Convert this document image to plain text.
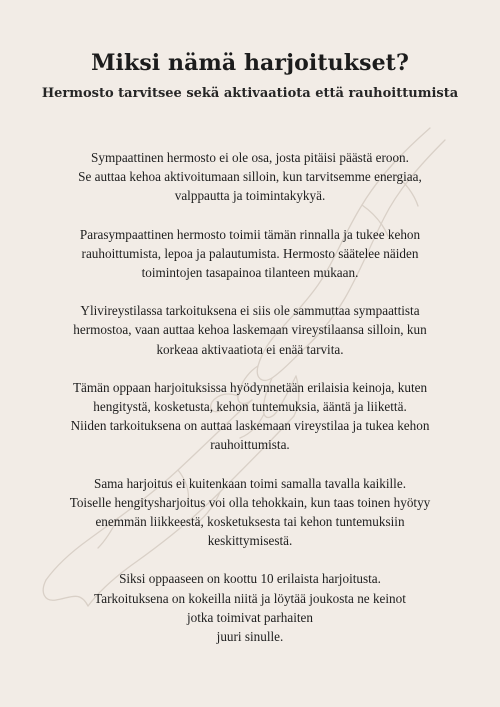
Miksi nämä harjoitukset?
Hermosto tarvitsee sekä aktivaatiota että rauhoittumista

Sympaattinen hermosto ei ole osa, josta pitäisi päästä eroon.
Se auttaa kehoa aktivoitumaan silloin, kun tarvitsemme energiaa,
valppautta ja toimintakykyä.

Parasympaattinen hermosto toimii tämän rinnalla ja tukee kehon
rauhoittumista, lepoa ja palautumista. Hermosto säätelee näiden
toimintojen tasapainoa tilanteen mukaan.

Ylivireystilassa tarkoituksena ei siis ole sammuttaa sympaattista
hermostoa, vaan auttaa kehoa laskemaan vireystilaansa silloin, kun
korkeaa aktivaatiota ei enää tarvita.

Tämän oppaan harjoituksissa hyödynnetään erilaisia keinoja, kuten
hengitystä, kosketusta, kehon tuntemuksia, ääntä ja liikettä.
Niiden tarkoituksena on auttaa laskemaan vireystilaa ja tukea kehon
rauhoittumista.

Sama harjoitus ei kuitenkaan toimi samalla tavalla kaikille.
Toiselle hengitysharjoitus voi olla tehokkain, kun taas toinen hyötyy
enemmän liikkeestä, kosketuksesta tai kehon tuntemuksiin
keskittymisestä.

Siksi oppaaseen on koottu 10 erilaista harjoitusta.
Tarkoituksena on kokeilla niitä ja löytää joukosta ne keinot
jotka toimivat parhaiten
juuri sinulle.
